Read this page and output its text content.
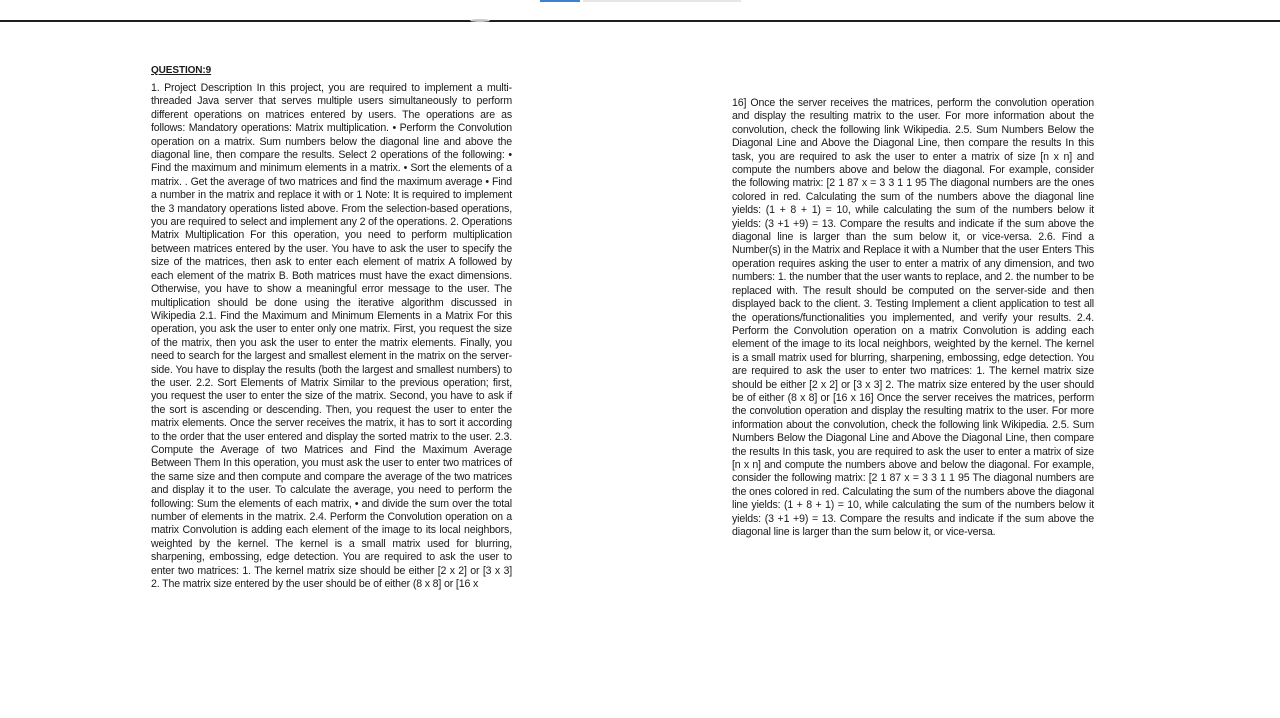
QUESTION:9

1. Project Description In this project, you are required to implement a multi-threaded Java server that serves multiple users simultaneously to perform different operations on matrices entered by users. The operations are as follows: Mandatory operations: Matrix multiplication. • Perform the Convolution operation on a matrix. Sum numbers below the diagonal line and above the diagonal line, then compare the results. Select 2 operations of the following: • Find the maximum and minimum elements in a matrix. • Sort the elements of a matrix. . Get the average of two matrices and find the maximum average • Find a number in the matrix and replace it with or 1 Note: It is required to implement the 3 mandatory operations listed above. From the selection-based operations, you are required to select and implement any 2 of the operations. 2. Operations Matrix Multiplication For this operation, you need to perform multiplication between matrices entered by the user. You have to ask the user to specify the size of the matrices, then ask to enter each element of matrix A followed by each element of the matrix B. Both matrices must have the exact dimensions. Otherwise, you have to show a meaningful error message to the user. The multiplication should be done using the iterative algorithm discussed in Wikipedia 2.1. Find the Maximum and Minimum Elements in a Matrix For this operation, you ask the user to enter only one matrix. First, you request the size of the matrix, then you ask the user to enter the matrix elements. Finally, you need to search for the largest and smallest element in the matrix on the server-side. You have to display the results (both the largest and smallest numbers) to the user. 2.2. Sort Elements of Matrix Similar to the previous operation; first, you request the user to enter the size of the matrix. Second, you have to ask if the sort is ascending or descending. Then, you request the user to enter the matrix elements. Once the server receives the matrix, it has to sort it according to the order that the user entered and display the sorted matrix to the user. 2.3. Compute the Average of two Matrices and Find the Maximum Average Between Them In this operation, you must ask the user to enter two matrices of the same size and then compute and compare the average of the two matrices and display it to the user. To calculate the average, you need to perform the following: Sum the elements of each matrix, • and divide the sum over the total number of elements in the matrix. 2.4. Perform the Convolution operation on a matrix Convolution is adding each element of the image to its local neighbors, weighted by the kernel. The kernel is a small matrix used for blurring, sharpening, embossing, edge detection. You are required to ask the user to enter two matrices: 1. The kernel matrix size should be either [2 x 2] or [3 x 3] 2. The matrix size entered by the user should be of either (8 x 8] or [16 x

16] Once the server receives the matrices, perform the convolution operation and display the resulting matrix to the user. For more information about the convolution, check the following link Wikipedia. 2.5. Sum Numbers Below the Diagonal Line and Above the Diagonal Line, then compare the results In this task, you are required to ask the user to enter a matrix of size [n x n] and compute the numbers above and below the diagonal. For example, consider the following matrix: [2 1 87 x = 3 3 1 1 95 The diagonal numbers are the ones colored in red. Calculating the sum of the numbers above the diagonal line yields: (1 + 8 + 1) = 10, while calculating the sum of the numbers below it yields: (3 +1 +9) = 13. Compare the results and indicate if the sum above the diagonal line is larger than the sum below it, or vice-versa. 2.6. Find a Number(s) in the Matrix and Replace it with a Number that the user Enters This operation requires asking the user to enter a matrix of any dimension, and two numbers: 1. the number that the user wants to replace, and 2. the number to be replaced with. The result should be computed on the server-side and then displayed back to the client. 3. Testing Implement a client application to test all the operations/functionalities you implemented, and verify your results. 2.4. Perform the Convolution operation on a matrix Convolution is adding each element of the image to its local neighbors, weighted by the kernel. The kernel is a small matrix used for blurring, sharpening, embossing, edge detection. You are required to ask the user to enter two matrices: 1. The kernel matrix size should be either [2 x 2] or [3 x 3] 2. The matrix size entered by the user should be of either (8 x 8] or [16 x 16] Once the server receives the matrices, perform the convolution operation and display the resulting matrix to the user. For more information about the convolution, check the following link Wikipedia. 2.5. Sum Numbers Below the Diagonal Line and Above the Diagonal Line, then compare the results In this task, you are required to ask the user to enter a matrix of size [n x n] and compute the numbers above and below the diagonal. For example, consider the following matrix: [2 1 87 x = 3 3 1 1 95 The diagonal numbers are the ones colored in red. Calculating the sum of the numbers above the diagonal line yields: (1 + 8 + 1) = 10, while calculating the sum of the numbers below it yields: (3 +1 +9) = 13. Compare the results and indicate if the sum above the diagonal line is larger than the sum below it, or vice-versa.
